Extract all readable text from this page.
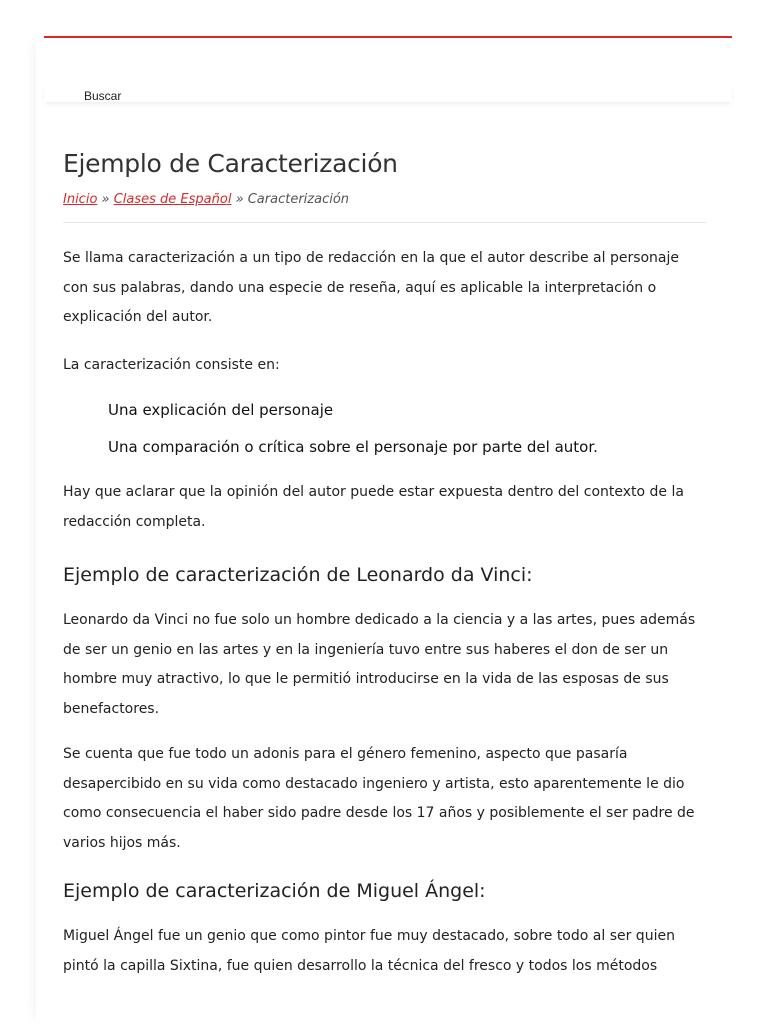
Buscar
Ejemplo de Caracterización
Inicio » Clases de Español » Caracterización

Se llama caracterización a un tipo de redacción en la que el autor describe al personaje con sus palabras, dando una especie de reseña, aquí es aplicable la interpretación o explicación del autor.

La caracterización consiste en:

Una explicación del personaje
Una comparación o crítica sobre el personaje por parte del autor.

Hay que aclarar que la opinión del autor puede estar expuesta dentro del contexto de la redacción completa.

Ejemplo de caracterización de Leonardo da Vinci:

Leonardo da Vinci no fue solo un hombre dedicado a la ciencia y a las artes, pues además de ser un genio en las artes y en la ingeniería tuvo entre sus haberes el don de ser un hombre muy atractivo, lo que le permitió introducirse en la vida de las esposas de sus benefactores.

Se cuenta que fue todo un adonis para el género femenino, aspecto que pasaría desapercibido en su vida como destacado ingeniero y artista, esto aparentemente le dio como consecuencia el haber sido padre desde los 17 años y posiblemente el ser padre de varios hijos más.

Ejemplo de caracterización de Miguel Ángel:

Miguel Ángel fue un genio que como pintor fue muy destacado, sobre todo al ser quien pintó la capilla Sixtina, fue quien desarrollo la técnica del fresco y todos los métodos
